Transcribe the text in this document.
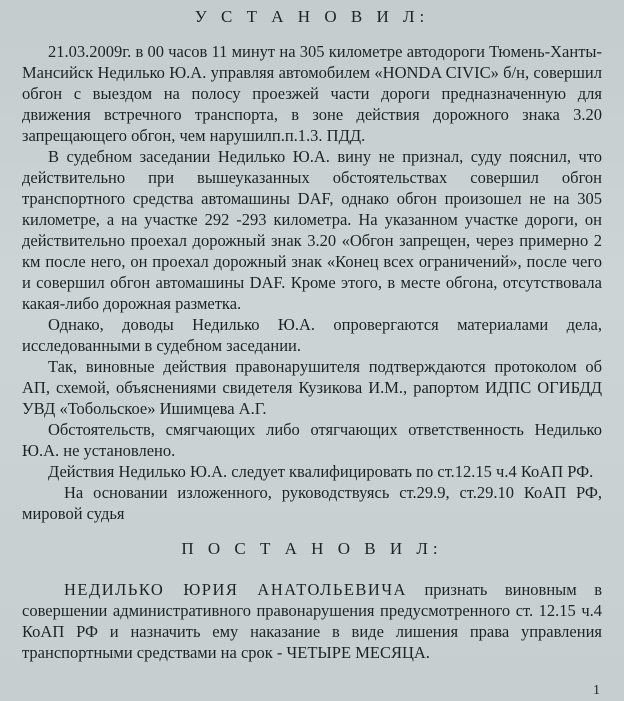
У С Т А Н О В И Л:

21.03.2009г. в 00 часов 11 минут на 305 километре автодороги Тюмень-Ханты-Мансийск Недилько Ю.А. управляя автомобилем «HONDA CIVIC» б/н, совершил обгон с выездом на полосу проезжей части дороги предназначенную для движения встречного транспорта, в зоне действия дорожного знака 3.20 запрещающего обгон, чем нарушилп.п.1.3. ПДД.

В судебном заседании Недилько Ю.А. вину не признал, суду пояснил, что действительно при вышеуказанных обстоятельствах совершил обгон транспортного средства автомашины DAF, однако обгон произошел не на 305 километре, а на участке 292 -293 километра. На указанном участке дороги, он действительно проехал дорожный знак 3.20 «Обгон запрещен, через примерно 2 км после него, он проехал дорожный знак «Конец всех ограничений», после чего и совершил обгон автомашины DAF. Кроме этого, в месте обгона, отсутствовала какая-либо дорожная разметка.

Однако, доводы Недилько Ю.А. опровергаются материалами дела, исследованными в судебном заседании.

Так, виновные действия правонарушителя подтверждаются протоколом об АП, схемой, объяснениями свидетеля Кузикова И.М., рапортом ИДПС ОГИБДД УВД «Тобольское» Ишимцева А.Г.

Обстоятельств, смягчающих либо отягчающих ответственность Недилько Ю.А. не установлено.

Действия Недилько Ю.А. следует квалифицировать по ст.12.15 ч.4 КоАП РФ.

На основании изложенного, руководствуясь ст.29.9, ст.29.10 КоАП РФ, мировой судья

П О С Т А Н О В И Л:

НЕДИЛЬКО ЮРИЯ АНАТОЛЬЕВИЧА признать виновным в совершении административного правонарушения предусмотренного ст. 12.15 ч.4 КоАП РФ и назначить ему наказание в виде лишения права управления транспортными средствами на срок - ЧЕТЫРЕ МЕСЯЦА.

1
